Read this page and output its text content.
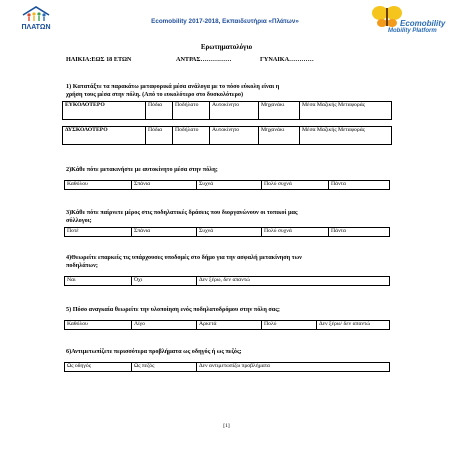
ΠΛΑΤΩΝ
Ecomobility 2017-2018, Εκπαιδευτήρια «Πλάτων»	Ecomobility
Mobility Platform
Ερωτηματολόγιο
ΗΛΙΚΙΑ:ΕΩΣ 18 ΕΤΩΝ	ΑΝΤΡΑΣ……………	ΓΥΝΑΙΚΑ…………
1) Κατατάξτε τα παρακάτω μεταφορικά μέσα ανάλογα με το πόσο εύκολη είναι η
χρήση τους μέσα στην πόλη. (Από το ευκολότερο στο δυσκολότερο)
ΕΥΚΟΛΟΤΕΡΟ	Πόδια	Ποδήλατο	Αυτοκίνητο	Μηχανάκι	Μέσα Μαζικής Μεταφοράς

ΔΥΣΚΟΛΟΤΕΡΟ	Πόδια	Ποδήλατο	Αυτοκίνητο	Μηχανάκι	Μέσα Μαζικής Μεταφοράς
2)Κάθε πότε μετακινήστε με αυτοκίνητο μέσα στην πόλη;
Καθόλου	Σπάνια	Συχνά	Πολύ συχνά	Πάντα
3)Κάθε πότε παίρνετε μέρος στις ποδηλατικές δράσεις που διοργανώνουν οι τοπικοί μας
σύλλογοι;
Ποτέ	Σπάνια	Συχνά	Πολύ συχνά	Πάντα
4)Θεωρείτε επαρκείς τις υπάρχουσες υποδομές στο δήμο για την ασφαλή μετακίνηση των
ποδηλάτων;
Ναι	Όχι	Δεν ξέρω, δεν απαντώ
5) Πόσο αναγκαία θεωρείτε την υλοποίηση ενός ποδηλατοδρόμου στην πόλη σας;
Καθόλου	Λίγο	Αρκετά	Πολύ	Δεν ξέρω/ δεν απαντώ
6)Αντιμετωπίζετε περισσότερα προβλήματα ως οδηγός ή ως πεζός;
Ως οδηγός	Ως πεζός	Δεν αντιμετωπίζω προβλήματα
[1]
